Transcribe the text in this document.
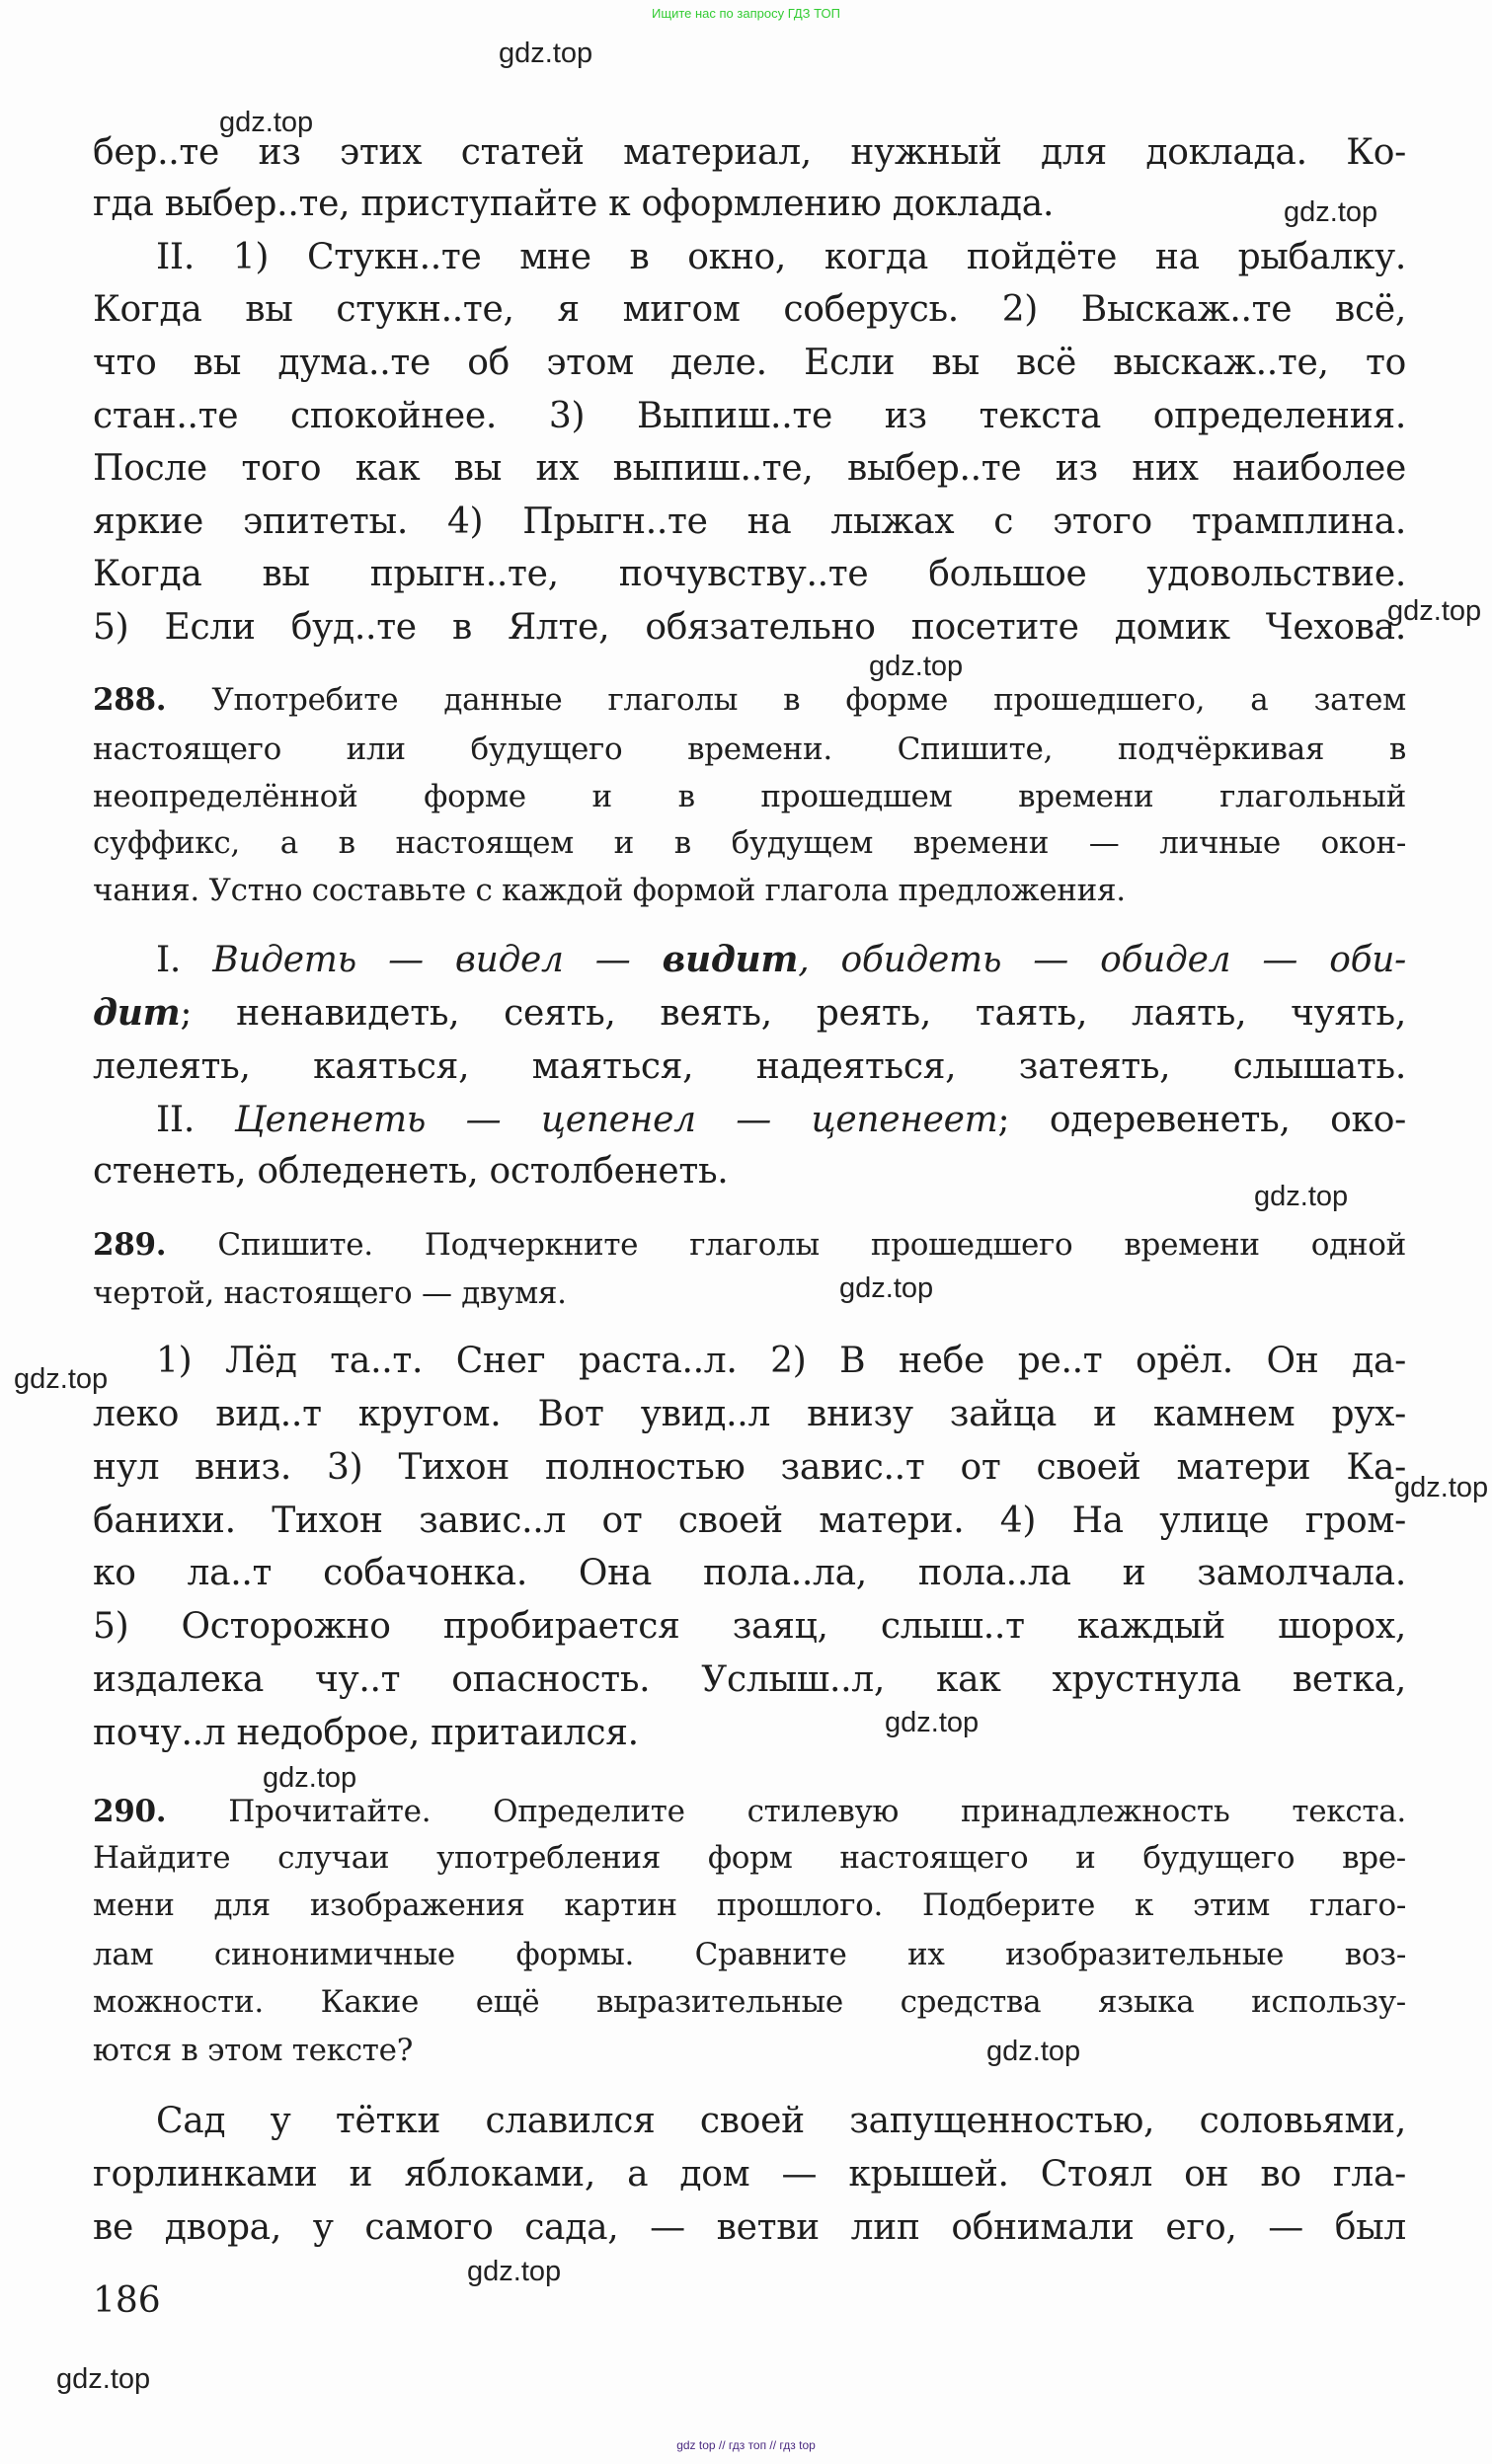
Ищите нас по запросу ГДЗ ТОП
бер..те из этих статей материал, нужный для доклада. Ко-
гда выбер..те, приступайте к оформлению доклада.
II. 1) Стукн..те мне в окно, когда пойдёте на рыбалку.
Когда вы стукн..те, я мигом соберусь. 2) Выскаж..те всё,
что вы дума..те об этом деле. Если вы всё выскаж..те, то
стан..те спокойнее. 3) Выпиш..те из текста определения.
После того как вы их выпиш..те, выбер..те из них наиболее
яркие эпитеты. 4) Прыгн..те на лыжах с этого трамплина.
Когда вы прыгн..те, почувству..те большое удовольствие.
5) Если буд..те в Ялте, обязательно посетите домик Чехова.
288. Употребите данные глаголы в форме прошедшего, а затем
настоящего или будущего времени. Спишите, подчёркивая в
неопределённой форме и в прошедшем времени глагольный
суффикс, а в настоящем и в будущем времени — личные окон-
чания. Устно составьте с каждой формой глагола предложения.
I. Видеть — видел — видит, обидеть — обидел — оби-
дит; ненавидеть, сеять, веять, реять, таять, лаять, чуять,
лелеять, каяться, маяться, надеяться, затеять, слышать.
II. Цепенеть — цепенел — цепенеет; одеревенеть, око-
стенеть, обледенеть, остолбенеть.
289. Спишите. Подчеркните глаголы прошедшего времени одной
чертой, настоящего — двумя.
1) Лёд та..т. Снег раста..л. 2) В небе ре..т орёл. Он да-
леко вид..т кругом. Вот увид..л внизу зайца и камнем рух-
нул вниз. 3) Тихон полностью завис..т от своей матери Ка-
банихи. Тихон завис..л от своей матери. 4) На улице гром-
ко ла..т собачонка. Она пола..ла, пола..ла и замолчала.
5) Осторожно пробирается заяц, слыш..т каждый шорох,
издалека чу..т опасность. Услыш..л, как хрустнула ветка,
почу..л недоброе, притаился.
290. Прочитайте. Определите стилевую принадлежность текста.
Найдите случаи употребления форм настоящего и будущего вре-
мени для изображения картин прошлого. Подберите к этим глаго-
лам синонимичные формы. Сравните их изобразительные воз-
можности. Какие ещё выразительные средства языка использу-
ются в этом тексте?
Сад у тётки славился своей запущенностью, соловьями,
горлинками и яблоками, а дом — крышей. Стоял он во гла-
ве двора, у самого сада, — ветви лип обнимали его, — был
186
gdz.top
gdz.top
gdz.top
gdz.top
gdz.top
gdz.top
gdz.top
gdz.top
gdz.top
gdz.top
gdz.top
gdz.top
gdz.top
gdz.top
gdz top // гдз топ // гдз top
